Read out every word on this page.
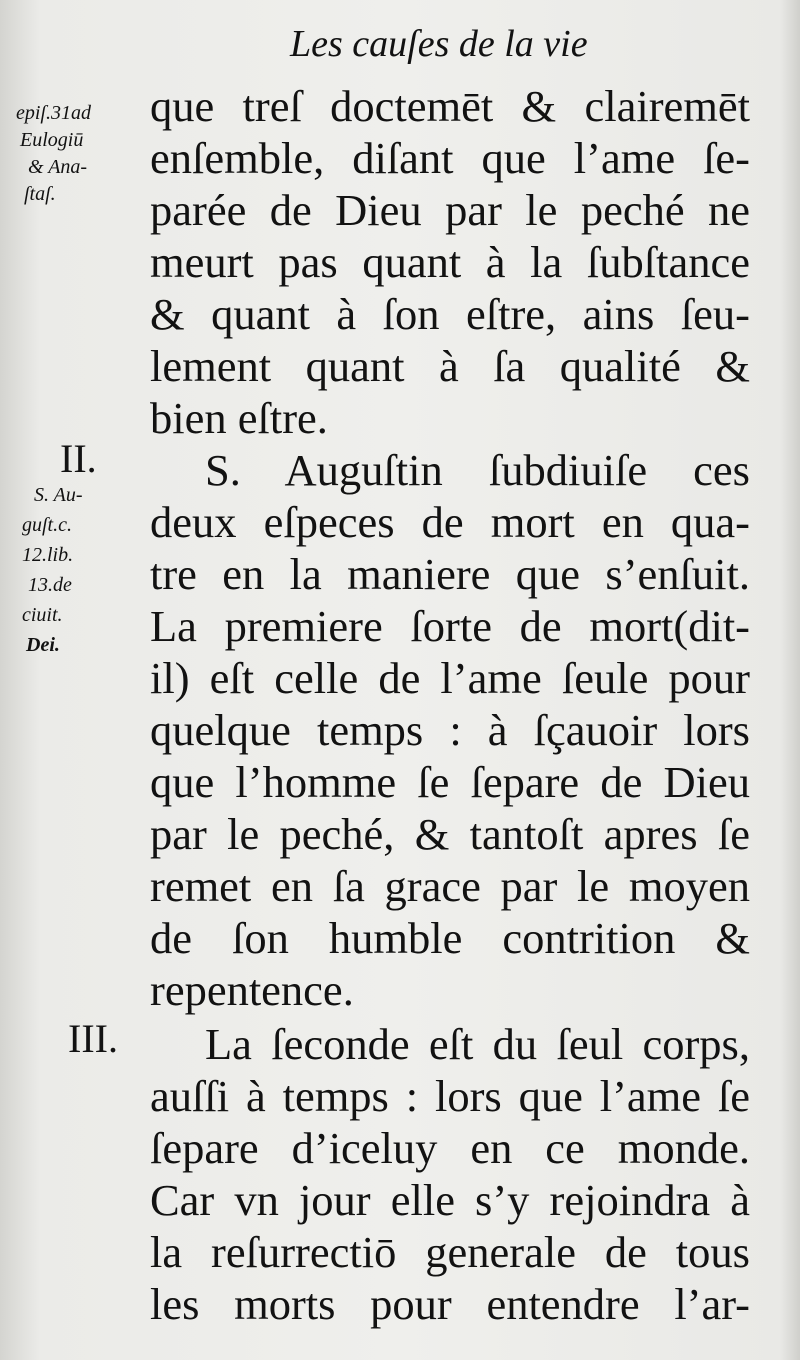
Les cauſes de la vie
epiſ.31ad
Eulogiū
& Ana-
ſtaſ.
II.
S. Au-
guſt.c.
12.lib.
13.de
ciuit.
Dei.
III.
que treſ doctemēt & clairemēt
enſemble, diſant que l’ame ſe-
parée de Dieu par le peché ne
meurt pas quant à la ſubſtance
& quant à ſon eſtre, ains ſeu-
lement quant à ſa qualité &
bien eſtre.
S. Auguſtin ſubdiuiſe ces
deux eſpeces de mort en qua-
tre en la maniere que s’enſuit.
La premiere ſorte de mort(dit-
il) eſt celle de l’ame ſeule pour
quelque temps : à ſçauoir lors
que l’homme ſe ſepare de Dieu
par le peché, & tantoſt apres ſe
remet en ſa grace par le moyen
de ſon humble contrition &
repentence.
La ſeconde eſt du ſeul corps,
auſſi à temps : lors que l’ame ſe
ſepare d’iceluy en ce monde.
Car vn jour elle s’y rejoindra à
la reſurrectiō generale de tous
les morts pour entendre l’ar-
